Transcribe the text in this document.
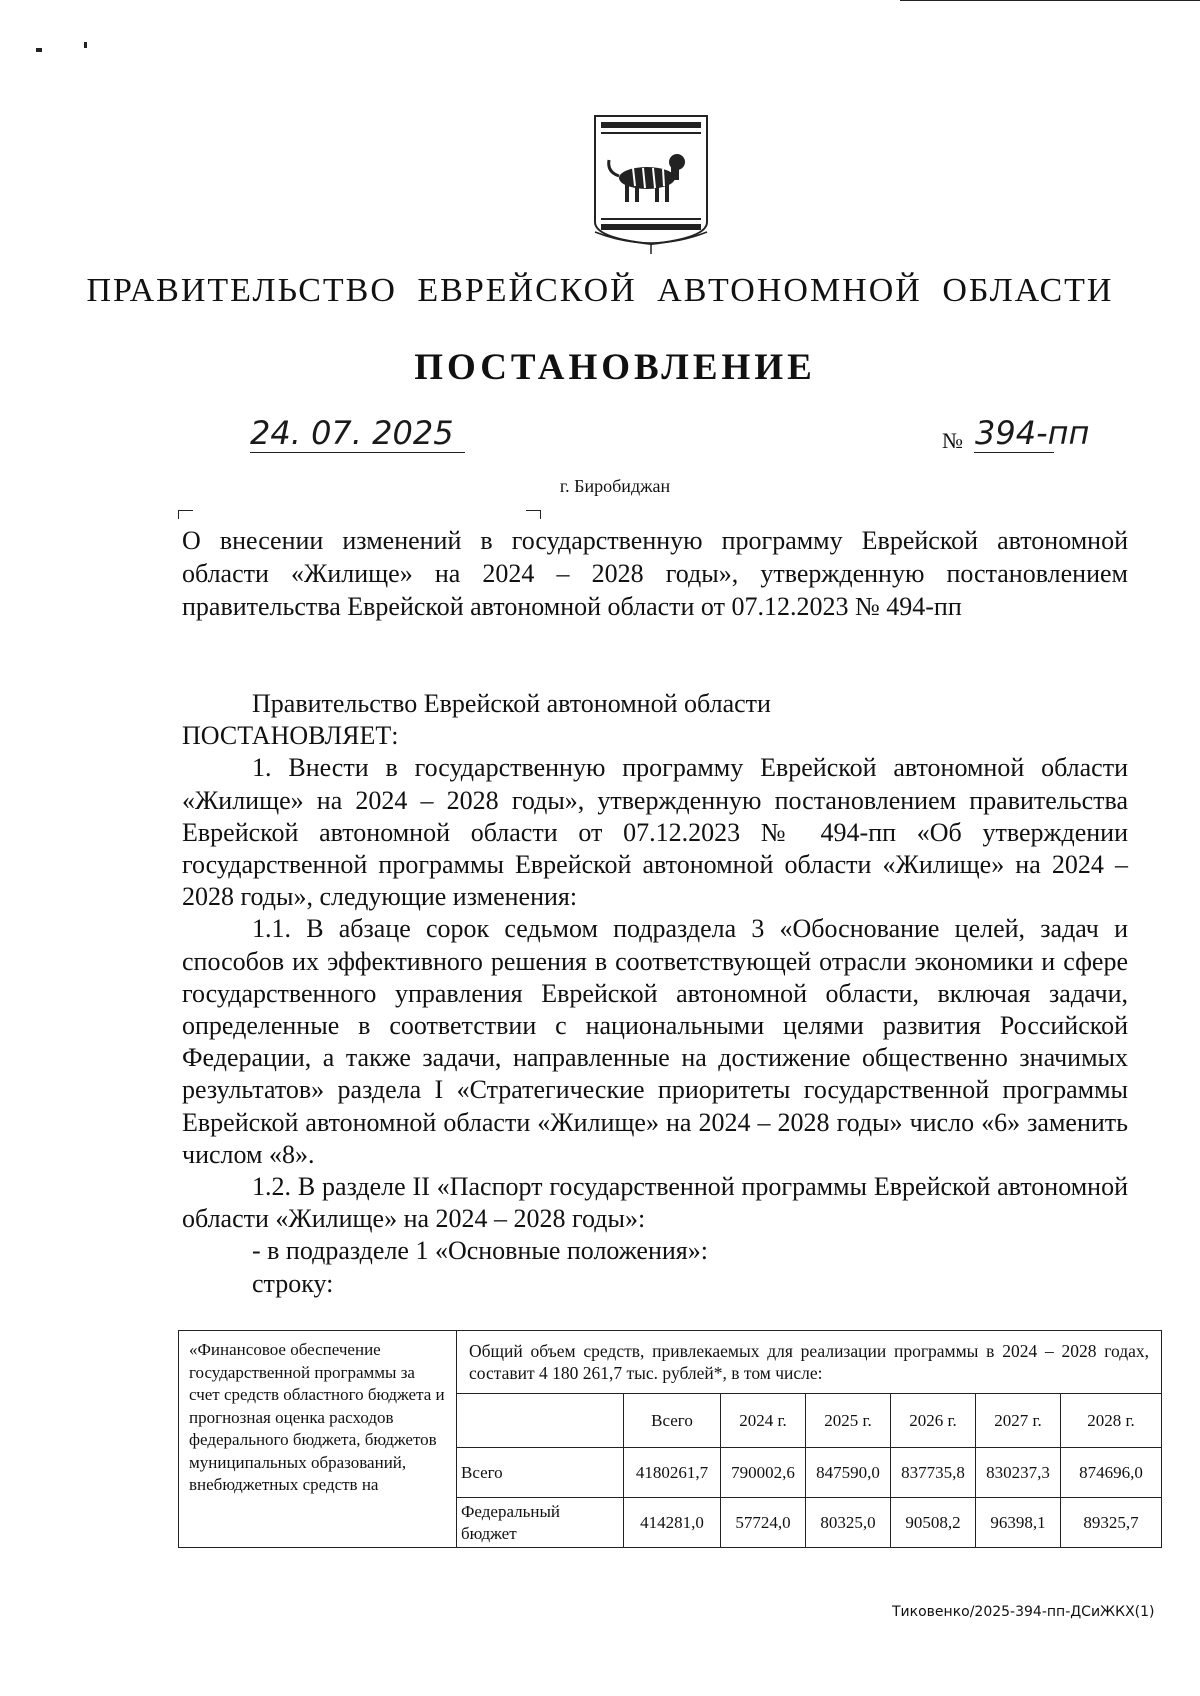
ПРАВИТЕЛЬСТВО ЕВРЕЙСКОЙ АВТОНОМНОЙ ОБЛАСТИ
ПОСТАНОВЛЕНИЕ
24. 07. 2025	№ 394-пп
г. Биробиджан
О внесении изменений в государственную программу Еврейской автономной области «Жилище» на 2024 – 2028 годы», утвержденную постановлением правительства Еврейской автономной области от 07.12.2023 № 494-пп

Правительство Еврейской автономной области

ПОСТАНОВЛЯЕТ:

1. Внести в государственную программу Еврейской автономной области «Жилище» на 2024 – 2028 годы», утвержденную постановлением правительства Еврейской автономной области от 07.12.2023 № 494-пп «Об утверждении государственной программы Еврейской автономной области «Жилище» на 2024 – 2028 годы», следующие изменения:

1.1. В абзаце сорок седьмом подраздела 3 «Обоснование целей, задач и способов их эффективного решения в соответствующей отрасли экономики и сфере государственного управления Еврейской автономной области, включая задачи, определенные в соответствии с национальными целями развития Российской Федерации, а также задачи, направленные на достижение общественно значимых результатов» раздела I «Стратегические приоритеты государственной программы Еврейской автономной области «Жилище» на 2024 – 2028 годы» число «6» заменить числом «8».

1.2. В разделе II «Паспорт государственной программы Еврейской автономной области «Жилище» на 2024 – 2028 годы»:

- в подразделе 1 «Основные положения»:

строку:

«Финансовое обеспечение государственной программы за счет средств областного бюджета и прогнозная оценка расходов федерального бюджета, бюджетов муниципальных образований, внебюджетных средств на	Общий объем средств, привлекаемых для реализации программы в 2024 – 2028 годах, составит 4 180 261,7 тыс. рублей*, в том числе:						
		Всего	2024 г.	2025 г.	2026 г.	2027 г.	2028 г.
	Всего	4180261,7	790002,6	847590,0	837735,8	830237,3	874696,0
	Федеральный бюджет	414281,0	57724,0	80325,0	90508,2	96398,1	89325,7
Тиковенко/2025-394-пп-ДСиЖКХ(1)
